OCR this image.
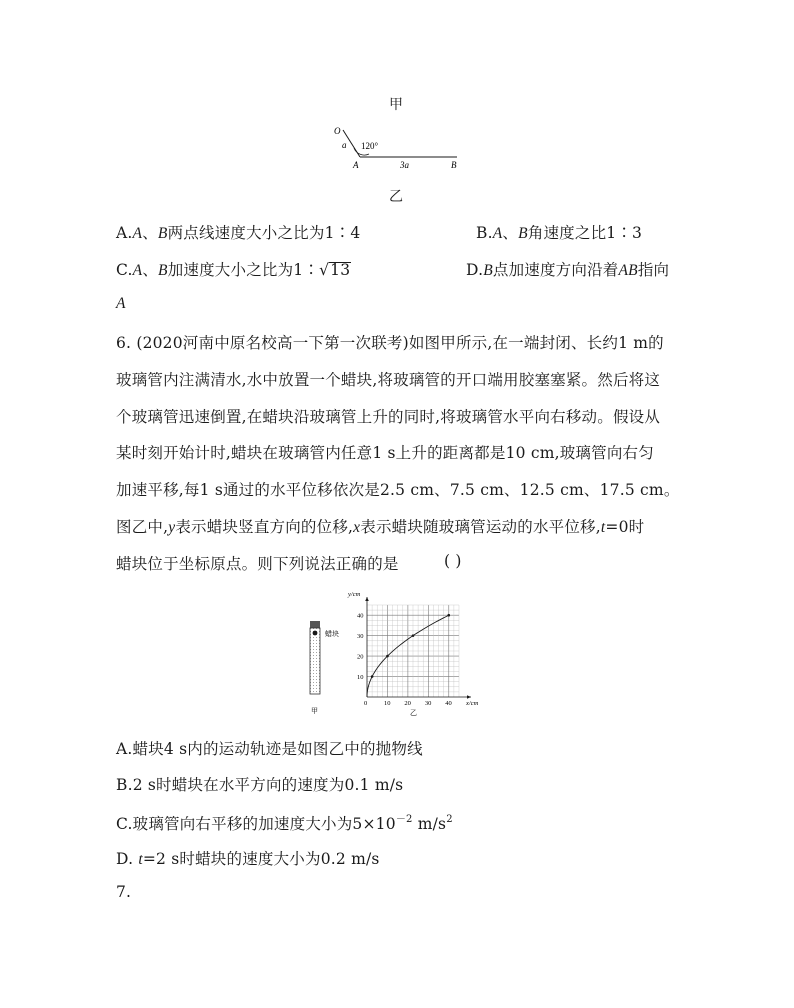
甲
O
a 120°
A	3a	B
乙
A.A、B两点线速度大小之比为1∶4	B.A、B角速度之比1∶3
C.A、B加速度大小之比为1∶√13	D.B点加速度方向沿着AB指向
A
6. (2020河南中原名校高一下第一次联考)如图甲所示,在一端封闭、长约1 m的
玻璃管内注满清水,水中放置一个蜡块,将玻璃管的开口端用胶塞塞紧。然后将这
个玻璃管迅速倒置,在蜡块沿玻璃管上升的同时,将玻璃管水平向右移动。假设从
某时刻开始计时,蜡块在玻璃管内任意1 s上升的距离都是10 cm,玻璃管向右匀
加速平移,每1 s通过的水平位移依次是2.5 cm、7.5 cm、12.5 cm、17.5 cm。
图乙中,y表示蜡块竖直方向的位移,x表示蜡块随玻璃管运动的水平位移,t=0时
蜡块位于坐标原点。则下列说法正确的是	( )
蜡块
甲
10 20 30 40
10
20
30
40
y/cm
x/cm
0
乙
A.蜡块4 s内的运动轨迹是如图乙中的抛物线
B.2 s时蜡块在水平方向的速度为0.1 m/s
C.玻璃管向右平移的加速度大小为$5\times 10^{-2}$ $m/s^2$
D. t=2 s时蜡块的速度大小为0.2 m/s
7.
